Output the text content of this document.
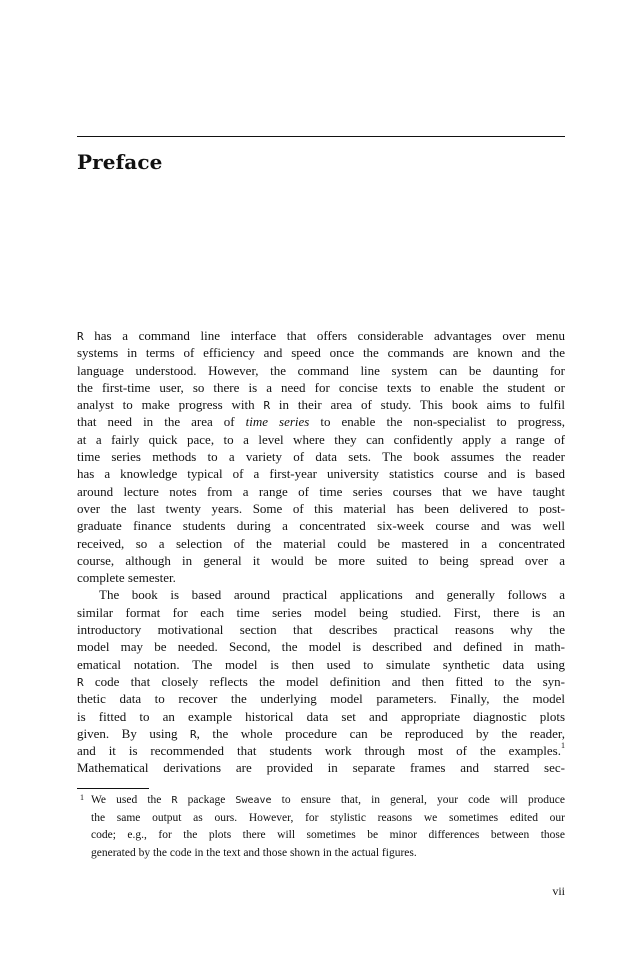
Preface
R has a command line interface that offers considerable advantages over menu
systems in terms of efficiency and speed once the commands are known and the
language understood. However, the command line system can be daunting for
the first-time user, so there is a need for concise texts to enable the student or
analyst to make progress with R in their area of study. This book aims to fulfil
that need in the area of time series to enable the non-specialist to progress,
at a fairly quick pace, to a level where they can confidently apply a range of
time series methods to a variety of data sets. The book assumes the reader
has a knowledge typical of a first-year university statistics course and is based
around lecture notes from a range of time series courses that we have taught
over the last twenty years. Some of this material has been delivered to post-
graduate finance students during a concentrated six-week course and was well
received, so a selection of the material could be mastered in a concentrated
course, although in general it would be more suited to being spread over a
complete semester.
The book is based around practical applications and generally follows a
similar format for each time series model being studied. First, there is an
introductory motivational section that describes practical reasons why the
model may be needed. Second, the model is described and defined in math-
ematical notation. The model is then used to simulate synthetic data using
R code that closely reflects the model definition and then fitted to the syn-
thetic data to recover the underlying model parameters. Finally, the model
is fitted to an example historical data set and appropriate diagnostic plots
given. By using R, the whole procedure can be reproduced by the reader,
and it is recommended that students work through most of the examples.$^1$
Mathematical derivations are provided in separate frames and starred sec-
1 We used the R package Sweave to ensure that, in general, your code will produce
the same output as ours. However, for stylistic reasons we sometimes edited our
code; e.g., for the plots there will sometimes be minor differences between those
generated by the code in the text and those shown in the actual figures.
vii
